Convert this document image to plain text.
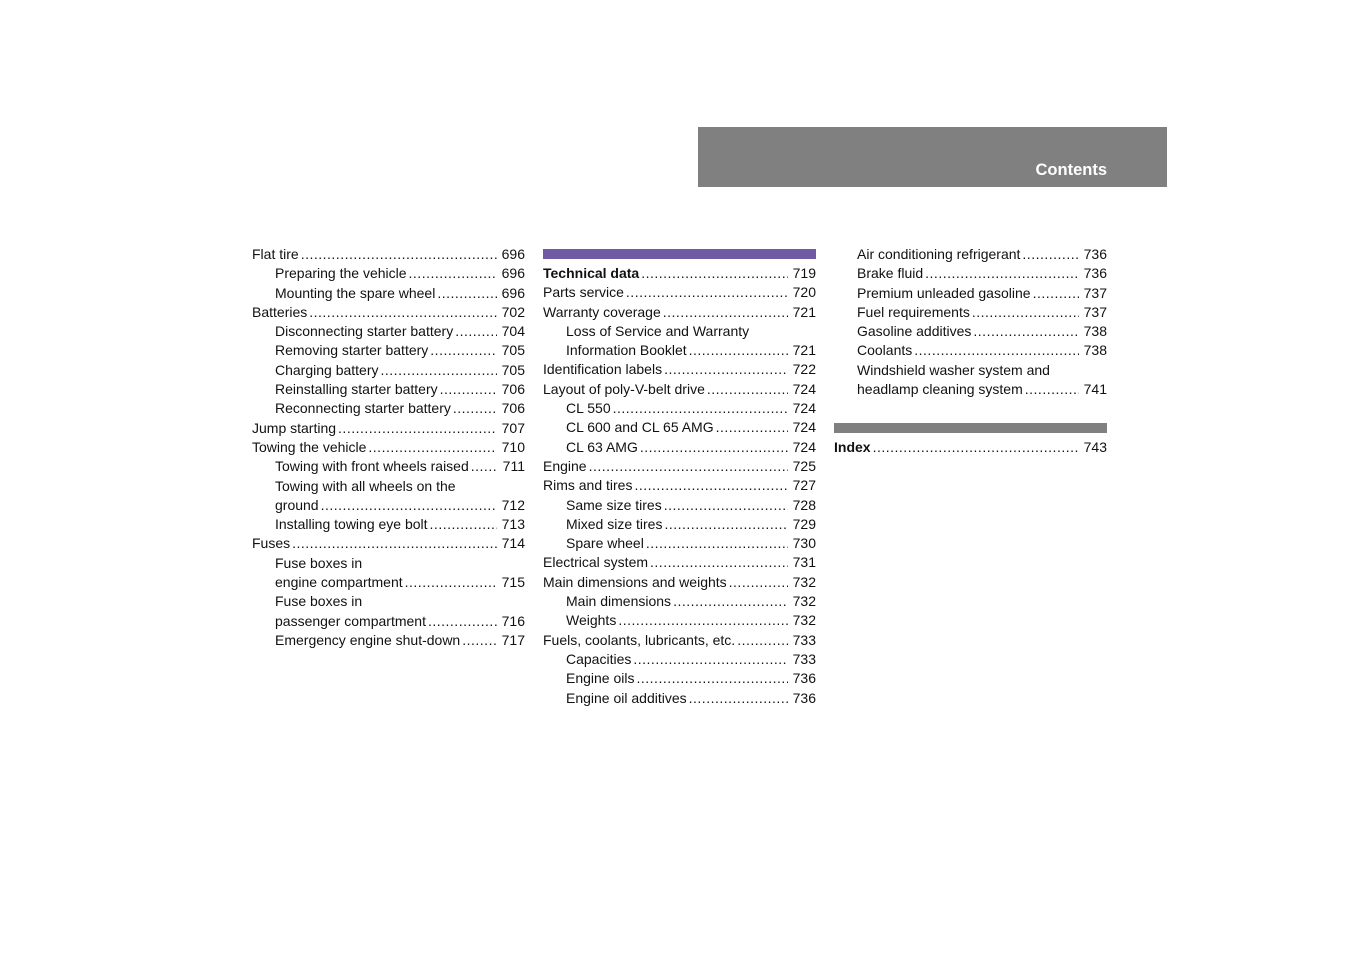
Contents
Flat tire .....	696
Preparing the vehicle .....	696
Mounting the spare wheel .....	696
Batteries .....	702
Disconnecting starter battery .....	704
Removing starter battery .....	705
Charging battery .....	705
Reinstalling starter battery .....	706
Reconnecting starter battery .....	706
Jump starting .....	707
Towing the vehicle .....	710
Towing with front wheels raised ..... 711
Towing with all wheels on the
ground .....	712
Installing towing eye bolt .....	713
Fuses .....	714
Fuse boxes in
engine compartment .....	715
Fuse boxes in
passenger compartment .....	716
Emergency engine shut-down .....	717
Technical data .....	719
Parts service .....	720
Warranty coverage .....	721
Loss of Service and Warranty
Information Booklet .....	721
Identification labels .....	722
Layout of poly-V-belt drive .....	724
CL 550 .....	724
CL 600 and CL 65 AMG .....	724
CL 63 AMG .....	724
Engine .....	725
Rims and tires .....	727
Same size tires .....	728
Mixed size tires .....	729
Spare wheel .....	730
Electrical system .....	731
Main dimensions and weights .....	732
Main dimensions .....	732
Weights .....	732
Fuels, coolants, lubricants, etc. .....	733
Capacities .....	733
Engine oils .....	736
Engine oil additives .....	736
Air conditioning refrigerant .....	736
Brake fluid .....	736
Premium unleaded gasoline .....	737
Fuel requirements .....	737
Gasoline additives .....	738
Coolants .....	738
Windshield washer system and
headlamp cleaning system .....	741
Index .....	743
